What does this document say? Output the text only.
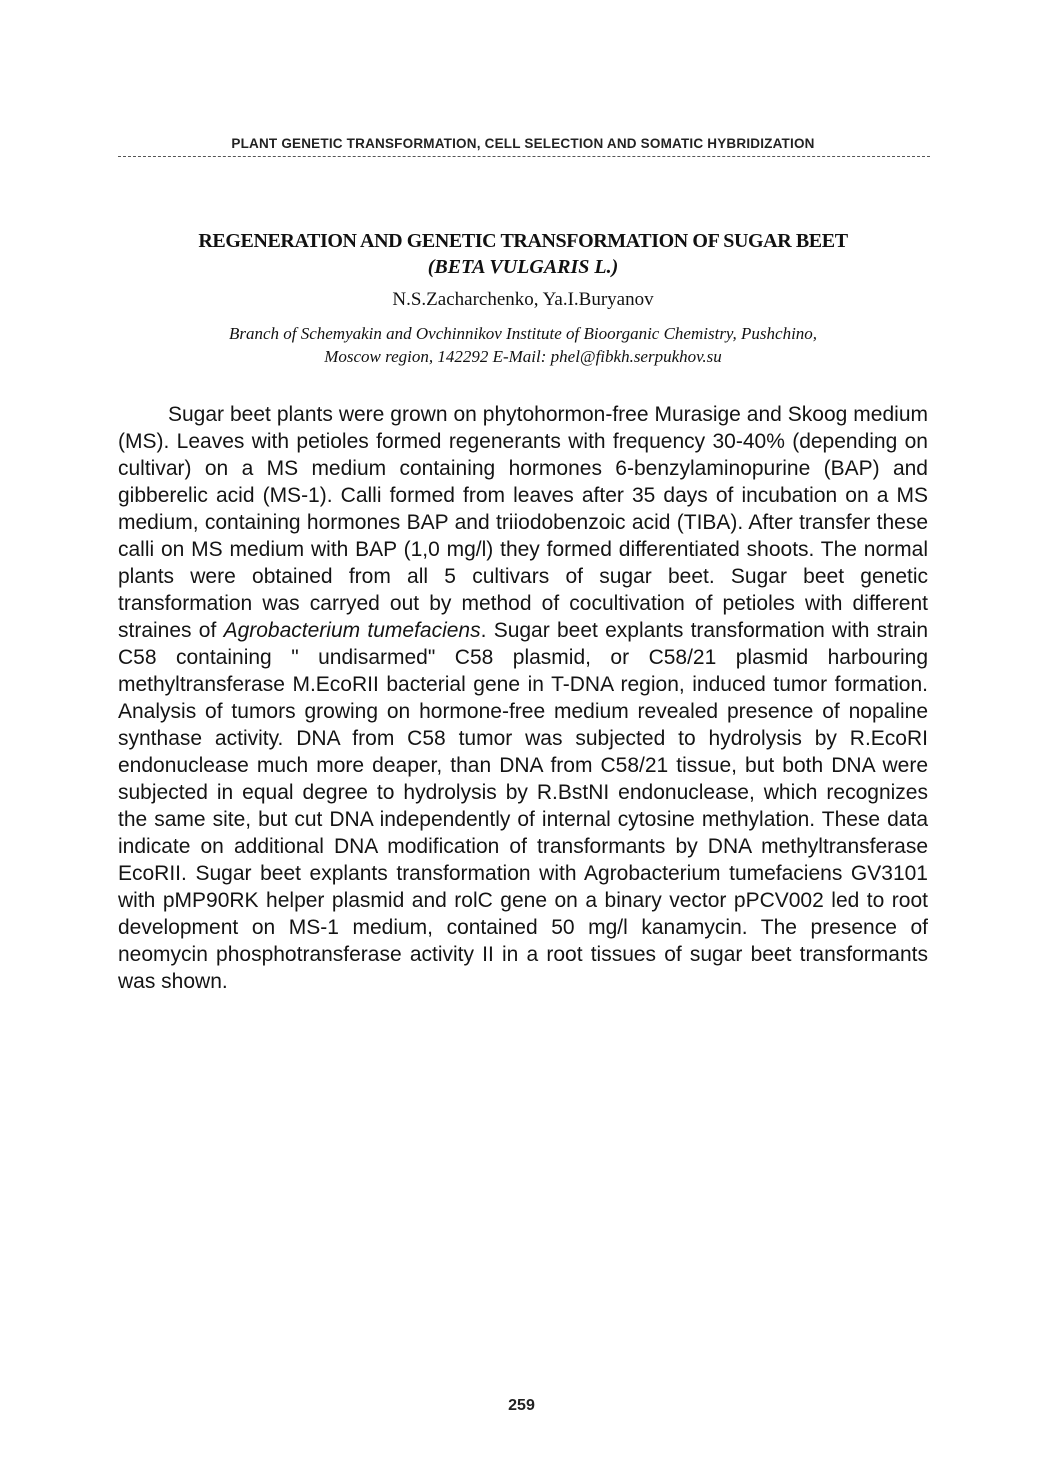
PLANT GENETIC TRANSFORMATION, CELL SELECTION AND SOMATIC HYBRIDIZATION
REGENERATION AND GENETIC TRANSFORMATION OF SUGAR BEET
(BETA VULGARIS L.)
N.S.Zacharchenko, Ya.I.Buryanov
Branch of Schemyakin and Ovchinnikov Institute of Bioorganic Chemistry, Pushchino,
Moscow region, 142292 E-Mail: phel@fibkh.serpukhov.su
Sugar beet plants were grown on phytohormon-free Murasige and Skoog medium (MS). Leaves with petioles formed regenerants with frequency 30-40% (depending on cultivar) on a MS medium containing hormones 6-benzylaminopurine (BAP) and gibberelic acid (MS-1). Calli formed from leaves after 35 days of incubation on a MS medium, containing hormones BAP and triiodobenzoic acid (TIBA). After transfer these calli on MS medium with BAP (1,0 mg/l) they formed differentiated shoots. The normal plants were obtained from all 5 cultivars of sugar beet. Sugar beet genetic transformation was carryed out by method of cocultivation of petioles with different straines of Agrobacterium tumefaciens. Sugar beet explants transformation with strain C58 containing " undisarmed" C58 plasmid, or C58/21 plasmid harbouring methyltransferase M.EcoRII bacterial gene in T-DNA region, induced tumor formation. Analysis of tumors growing on hormone-free medium revealed presence of nopaline synthase activity. DNA from C58 tumor was subjected to hydrolysis by R.EcoRI endonuclease much more deaper, than DNA from C58/21 tissue, but both DNA were subjected in equal degree to hydrolysis by R.BstNI endonuclease, which recognizes the same site, but cut DNA independently of internal cytosine methylation. These data indicate on additional DNA modification of transformants by DNA methyltransferase EcoRII. Sugar beet explants transformation with Agrobacterium tumefaciens GV3101 with pMP90RK helper plasmid and rolC gene on a binary vector pPCV002 led to root development on MS-1 medium, contained 50 mg/l kanamycin. The presence of neomycin phosphotransferase activity II in a root tissues of sugar beet transformants was shown.
259
